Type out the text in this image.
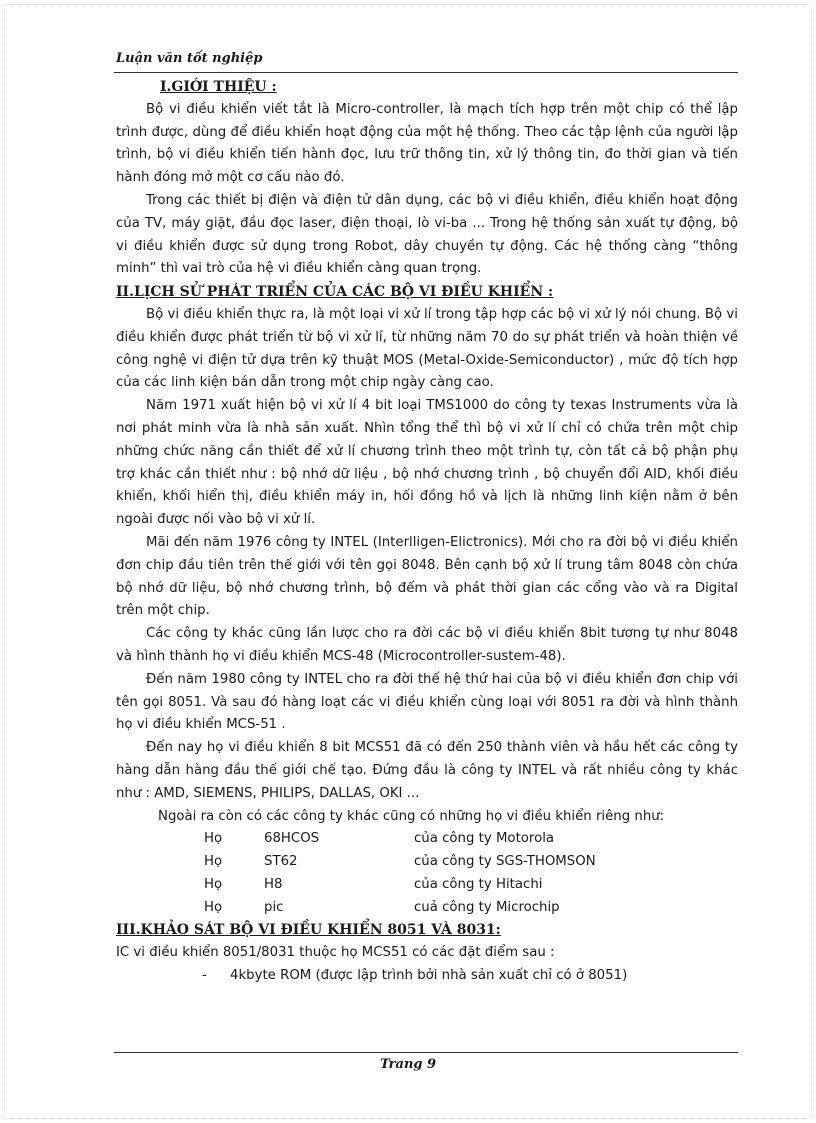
Luận văn tốt nghiệp

I.GIỚI THIỆU :

Bộ vi điều khiển viết tắt là Micro-controller, là mạch tích hợp trên một chip có thể lập trình được, dùng để điều khiển hoạt động của một hệ thống. Theo các tập lệnh của người lập trình, bộ vi điều khiển tiến hành đọc, lưu trữ thông tin, xử lý thông tin, đo thời gian và tiến hành đóng mở một cơ cấu nào đó.

Trong các thiết bị điện và điện tử dân dụng, các bộ vi điều khiển, điều khiển hoạt động của TV, máy giặt, đầu đọc laser, điện thoại, lò vi-ba ... Trong hệ thống sản xuất tự động, bộ vi điều khiển được sử dụng trong Robot, dây chuyền tự động. Các hệ thống càng “thông minh” thì vai trò của hệ vi điều khiển càng quan trọng.

II.LỊCH SỬ PHÁT TRIỂN CỦA CÁC BỘ VI ĐIỀU KHIỂN :

Bộ vi điều khiển thực ra, là một loại vi xử lí trong tập hợp các bộ vi xử lý nói chung. Bộ vi điều khiển được phát triển từ bộ vi xử lí, từ những năm 70 do sự phát triển và hoàn thiện về công nghệ vi điện tử dựa trên kỹ thuật MOS (Metal-Oxide-Semiconductor) , mức độ tích hợp của các linh kiện bán dẫn trong một chip ngày càng cao.

Năm 1971 xuất hiện bộ vi xử lí 4 bit loại TMS1000 do công ty texas Instruments vừa là nơi phát minh vừa là nhà sản xuất. Nhìn tổng thể thì bộ vi xử lí chỉ có chứa trên một chip những chức năng cần thiết để xử lí chương trình theo một trình tự, còn tất cả bộ phận phụ trợ khác cần thiết như : bộ nhớ dữ liệu , bộ nhớ chương trình , bộ chuyển đổi AID, khối điều khiển, khối hiển thị, điều khiển máy in, hối đồng hồ và lịch là những linh kiện nằm ở bên ngoài được nối vào bộ vi xử lí.

Mãi đến năm 1976 công ty INTEL (Interlligen-Elictronics). Mới cho ra đời bộ vi điều khiển đơn chip đầu tiên trên thế giới với tên gọi 8048. Bên cạnh bộ xử lí trung tâm 8048 còn chứa bộ nhớ dữ liệu, bộ nhớ chương trình, bộ đếm và phát thời gian các cổng vào và ra Digital trên một chip.

Các công ty khác cũng lần lược cho ra đời các bộ vi điều khiển 8bit tương tự như 8048 và hình thành họ vi điều khiển MCS-48 (Microcontroller-sustem-48).

Đến năm 1980 công ty INTEL cho ra đời thế hệ thứ hai của bộ vi điều khiển đơn chip với tên gọi 8051. Và sau đó hàng loạt các vi điều khiển cùng loại với 8051 ra đời và hình thành họ vi điều khiển MCS-51 .

Đến nay họ vi điều khiển 8 bit MCS51 đã có đến 250 thành viên và hầu hết các công ty hàng dẫn hàng đầu thế giới chế tạo. Đứng đầu là công ty INTEL và rất nhiều công ty khác như : AMD, SIEMENS, PHILIPS, DALLAS, OKI ...

Ngoài ra còn có các công ty khác cũng có những họ vi điều khiển riêng như:

Họ	68HCOS	của công ty Motorola
Họ	ST62	của công ty SGS-THOMSON
Họ	H8	của công ty Hitachi
Họ	pic	cuả công ty Microchip

III.KHẢO SÁT BỘ VI ĐIỀU KHIỂN 8051 VÀ 8031:

IC vi điều khiển 8051/8031 thuộc họ MCS51 có các đặt điểm sau :

-	4kbyte ROM (được lập trình bởi nhà sản xuất chỉ có ở 8051)
Trang 9
